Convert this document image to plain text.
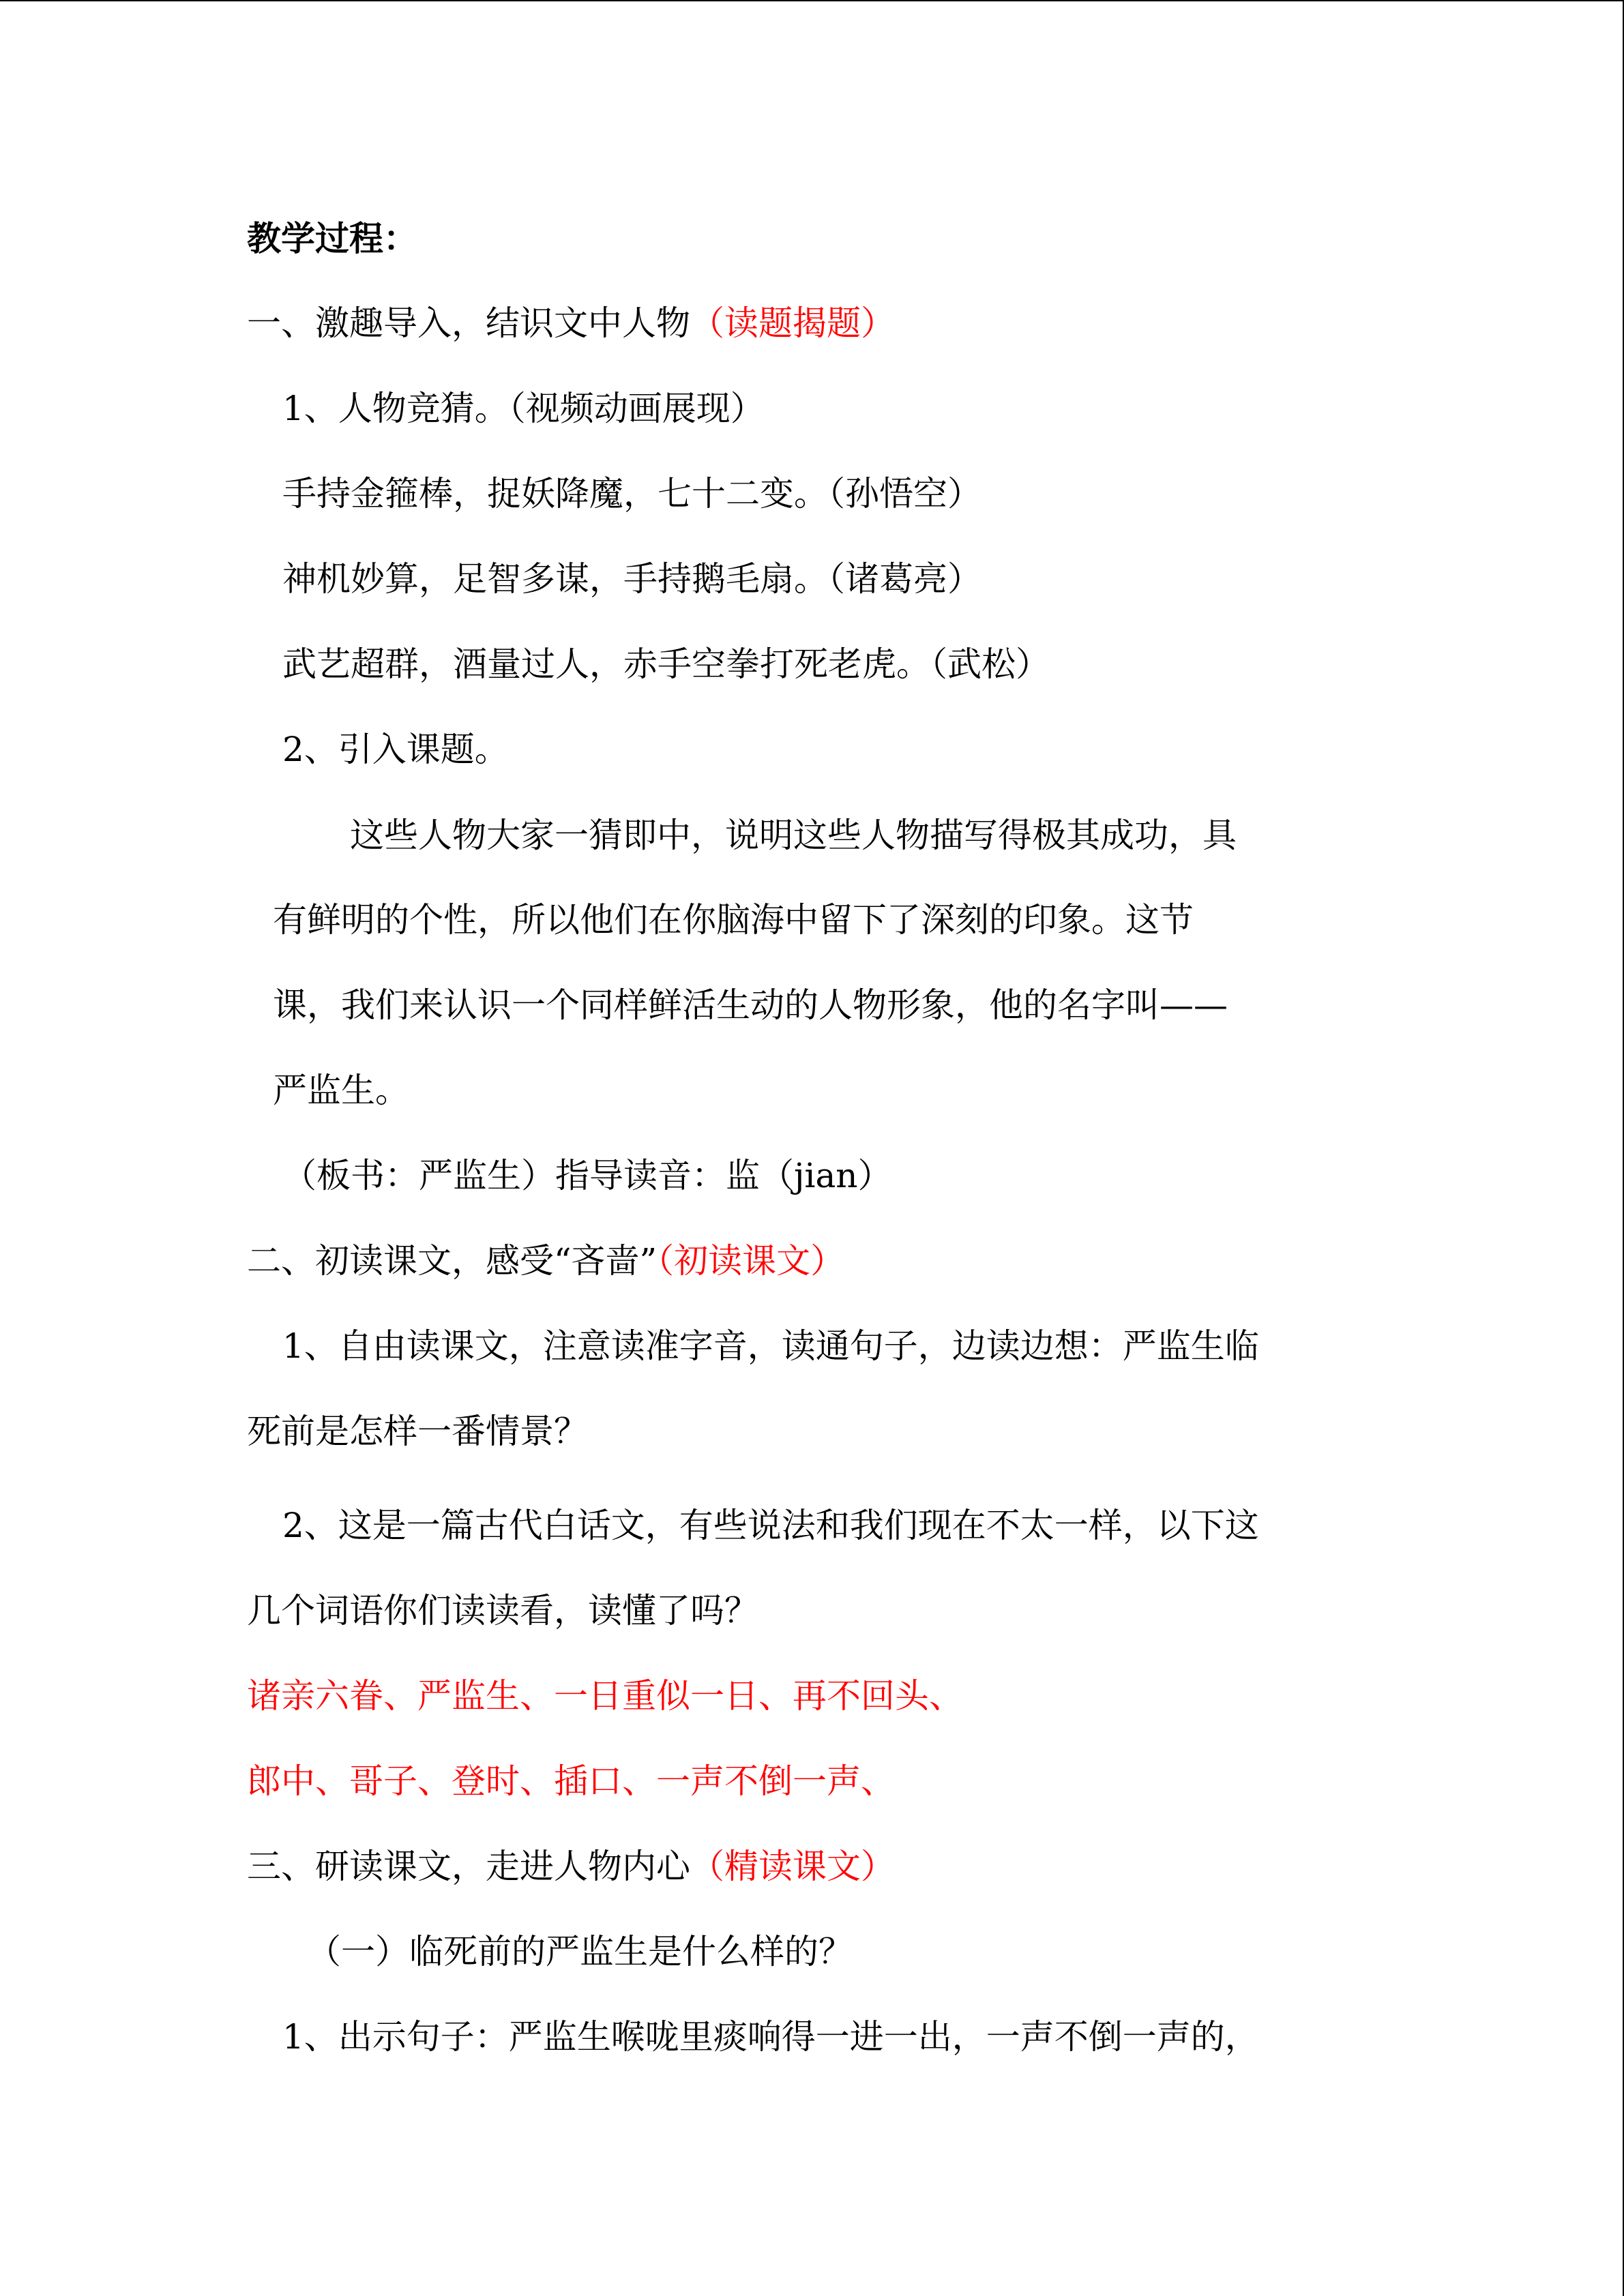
教学过程：
一、激趣导入，结识文中人物（读题揭题）
1、人物竞猜。（视频动画展现）
手持金箍棒，捉妖降魔，七十二变。（孙悟空）
神机妙算，足智多谋，手持鹅毛扇。（诸葛亮）
武艺超群，酒量过人，赤手空拳打死老虎。（武松）
2、引入课题。
这些人物大家一猜即中，说明这些人物描写得极其成功，具
有鲜明的个性，所以他们在你脑海中留下了深刻的印象。这节
课，我们来认识一个同样鲜活生动的人物形象，他的名字叫——
严监生。
（板书：严监生）指导读音：监（jian）
二、初读课文，感受“吝啬”（初读课文）
1、自由读课文，注意读准字音，读通句子，边读边想：严监生临
死前是怎样一番情景？
2、这是一篇古代白话文，有些说法和我们现在不太一样，以下这
几个词语你们读读看，读懂了吗？
诸亲六眷、严监生、一日重似一日、再不回头、
郎中、哥子、登时、插口、一声不倒一声、
三、研读课文，走进人物内心（精读课文）
（一）临死前的严监生是什么样的？
1、出示句子：严监生喉咙里痰响得一进一出，一声不倒一声的，
